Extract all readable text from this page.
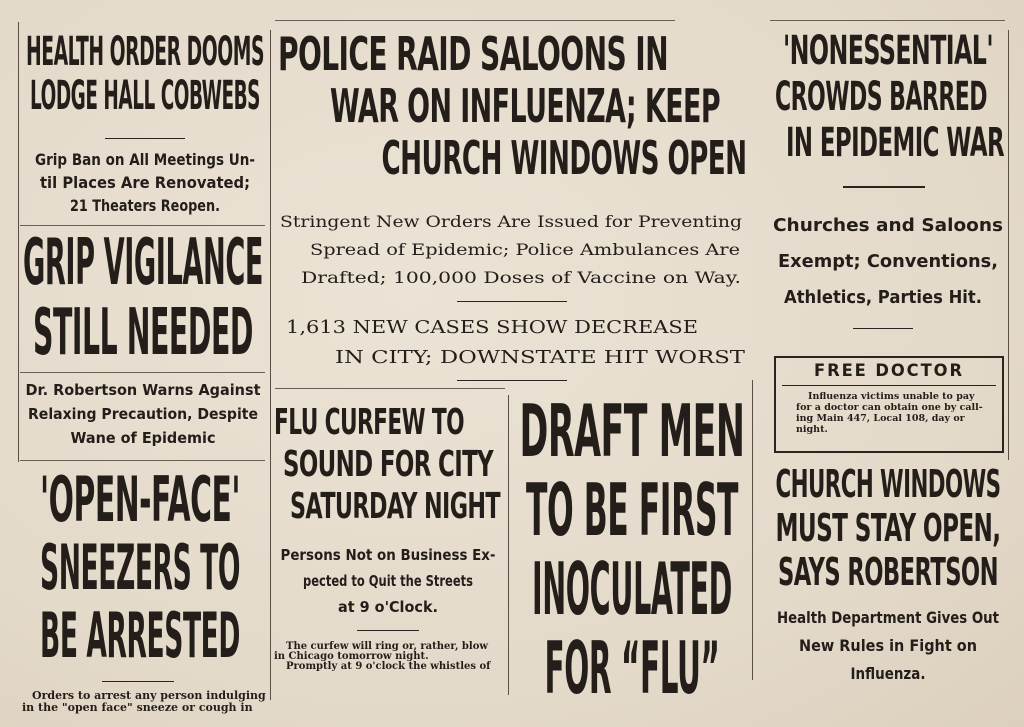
HEALTH ORDER DOOMS
LODGE HALL COBWEBS
Grip Ban on All Meetings Un-
til Places Are Renovated;
21 Theaters Reopen.
GRIP VIGILANCE
STILL NEEDED
Dr. Robertson Warns Against
Relaxing Precaution, Despite
Wane of Epidemic
'OPEN-FACE'
SNEEZERS TO
BE ARRESTED
Orders to arrest any person indulging
in the "open face" sneeze or cough in
POLICE RAID SALOONS IN
WAR ON INFLUENZA; KEEP
CHURCH WINDOWS OPEN
Stringent New Orders Are Issued for Preventing
Spread of Epidemic; Police Ambulances Are
Drafted; 100,000 Doses of Vaccine on Way.
1,613 NEW CASES SHOW DECREASE
IN CITY; DOWNSTATE HIT WORST
FLU CURFEW TO
SOUND FOR CITY
SATURDAY NIGHT
Persons Not on Business Ex-
pected to Quit the Streets
at 9 o'Clock.
The curfew will ring or, rather, blow
in Chicago tomorrow night.
Promptly at 9 o'clock the whistles of
DRAFT MEN
TO BE FIRST
INOCULATED
FOR “FLU”
'NONESSENTIAL'
CROWDS BARRED
IN EPIDEMIC WAR
Churches and Saloons
Exempt; Conventions,
Athletics, Parties Hit.
FREE DOCTOR
Influenza victims unable to pay
for a doctor can obtain one by call-
ing Main 447, Local 108, day or
night.
CHURCH WINDOWS
MUST STAY OPEN,
SAYS ROBERTSON
Health Department Gives Out
New Rules in Fight on
Influenza.
